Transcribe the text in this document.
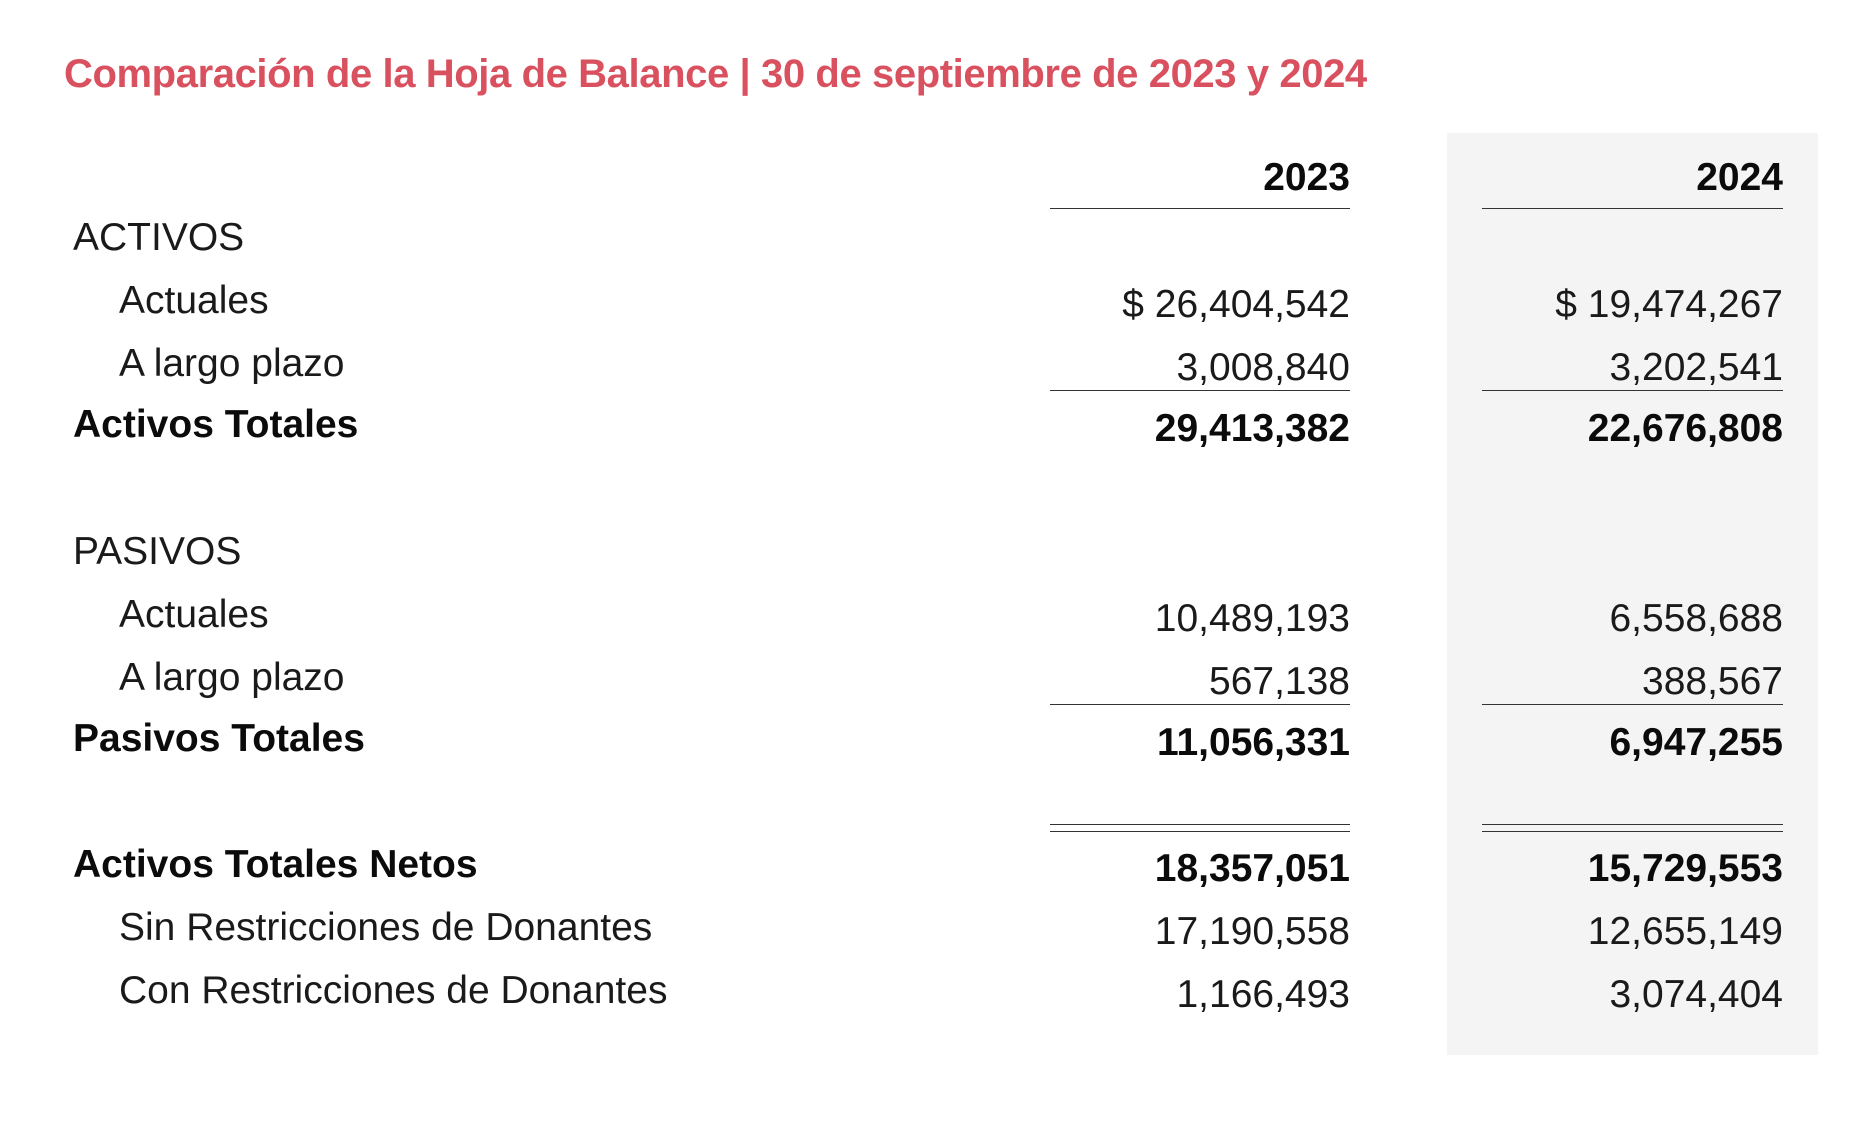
Comparación de la Hoja de Balance | 30 de septiembre de 2023 y 2024
2023	2024
ACTIVOS
Actuales	$ 26,404,542	$ 19,474,267
A largo plazo	3,008,840	3,202,541
Activos Totales	29,413,382	22,676,808
PASIVOS
Actuales	10,489,193	6,558,688
A largo plazo	567,138	388,567
Pasivos Totales	11,056,331	6,947,255
Activos Totales Netos	18,357,051	15,729,553
Sin Restricciones de Donantes	17,190,558	12,655,149
Con Restricciones de Donantes	1,166,493	3,074,404
